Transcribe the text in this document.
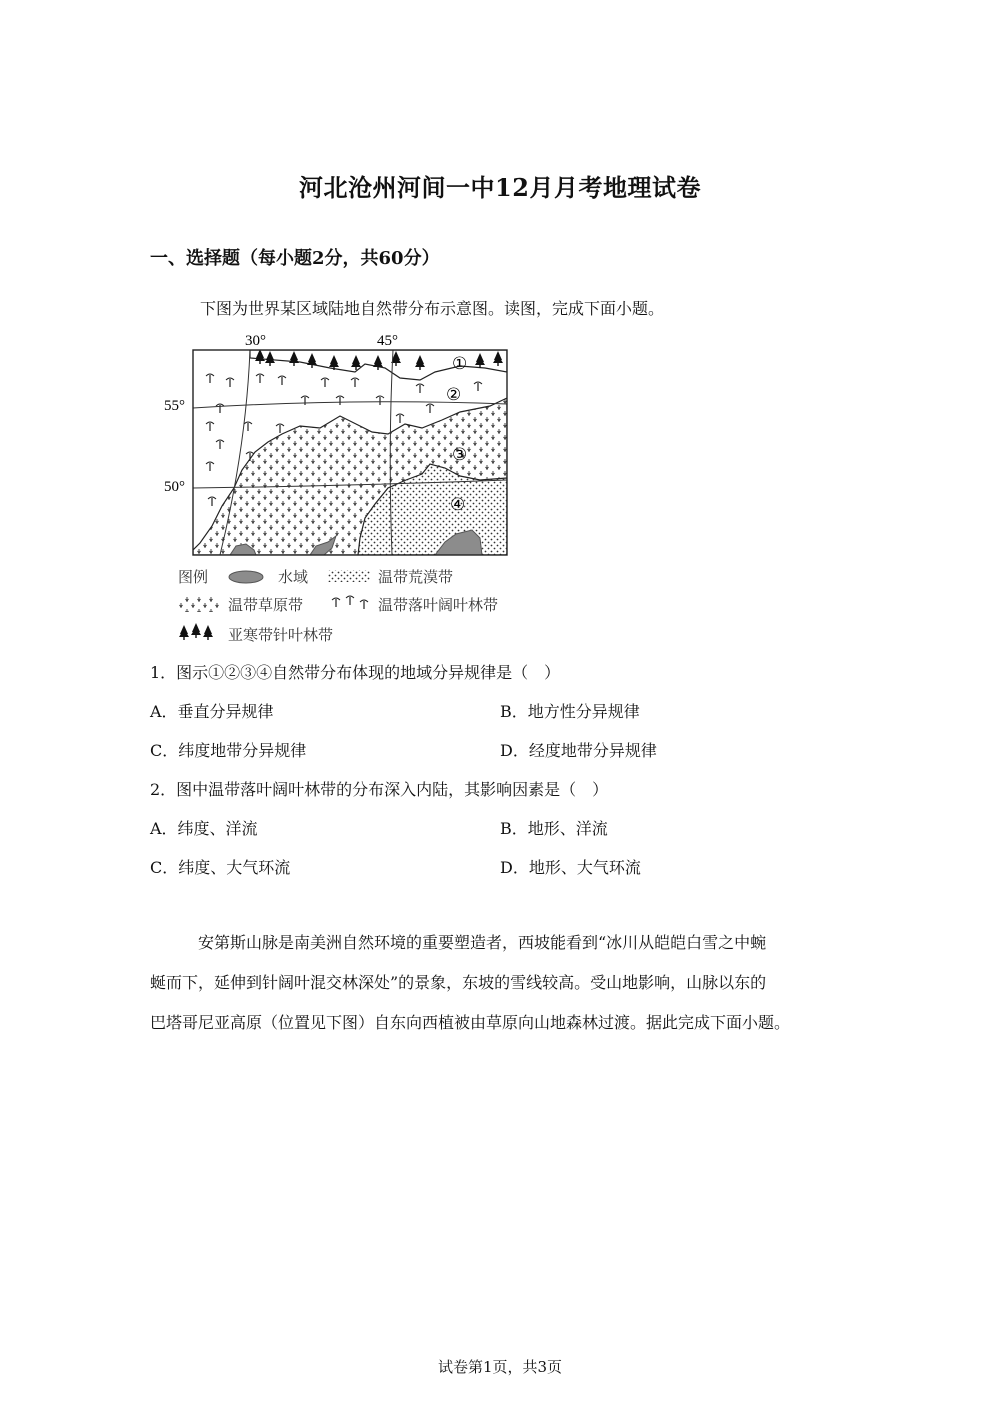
河北沧州河间一中12月月考地理试卷
一、选择题（每小题2分，共60分）
下图为世界某区域陆地自然带分布示意图。读图，完成下面小题。
30°	45°
55°
50°
①
②
③
④
图例	水域	温带荒漠带
温带草原带	温带落叶阔叶林带
亚寒带针叶林带
1．图示①②③④自然带分布体现的地域分异规律是（　）
A．垂直分异规律	B．地方性分异规律
C．纬度地带分异规律	D．经度地带分异规律
2．图中温带落叶阔叶林带的分布深入内陆，其影响因素是（　）
A．纬度、洋流	B．地形、洋流
C．纬度、大气环流	D．地形、大气环流
安第斯山脉是南美洲自然环境的重要塑造者，西坡能看到“冰川从皑皑白雪之中蜿
蜒而下，延伸到针阔叶混交林深处”的景象，东坡的雪线较高。受山地影响，山脉以东的
巴塔哥尼亚高原（位置见下图）自东向西植被由草原向山地森林过渡。据此完成下面小题。
试卷第1页，共3页
